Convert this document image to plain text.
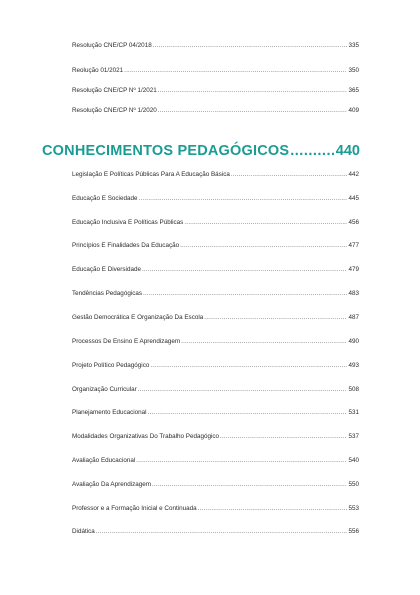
Resolução CNE/CP 04/2018 .....	335
Reolução 01/2021 .....	350
Resolução CNE/CP Nº 1/2021 .....	365
Resolução CNE/CP Nº 1/2020 .....	409
CONHECIMENTOS PEDAGÓGICOS .....	440
Legislação E Políticas Públicas Para A Educação Básica .....	442
Educação E Sociedade .....	445
Educação Inclusiva E Políticas Públicas .....	456
Princípios E Finalidades Da Educação .....	477
Educação E Diversidade .....	479
Tendências Pedagógicas .....	483
Gestão Democrática E Organização Da Escola .....	487
Processos De Ensino E Aprendizagem .....	490
Projeto Político Pedagógico .....	493
Organização Curricular .....	508
Planejamento Educacional .....	531
Modalidades Organizativas Do Trabalho Pedagógico .....	537
Avaliação Educacional .....	540
Avaliação Da Aprendizagem .....	550
Professor e a Formação Inicial e Continuada .....	553
Didática .....	556
